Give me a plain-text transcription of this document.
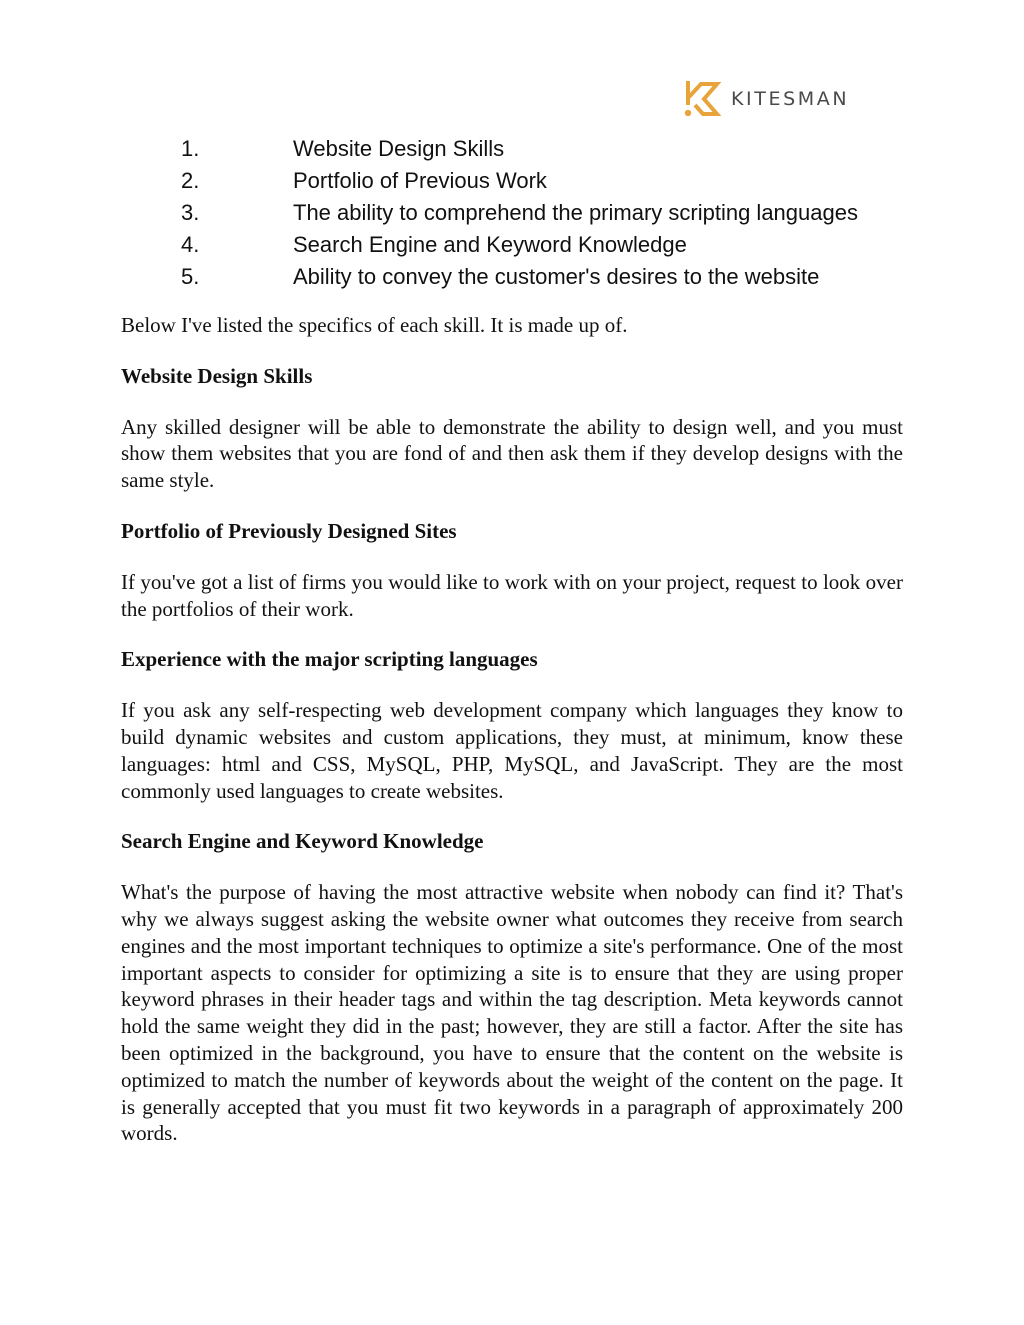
KITESMAN
1.	Website Design Skills
2.	Portfolio of Previous Work
3.	The ability to comprehend the primary scripting languages
4.	Search Engine and Keyword Knowledge
5.	Ability to convey the customer's desires to the website

Below I've listed the specifics of each skill. It is made up of.

Website Design Skills

Any skilled designer will be able to demonstrate the ability to design well, and you must show them websites that you are fond of and then ask them if they develop designs with the same style.

Portfolio of Previously Designed Sites

If you've got a list of firms you would like to work with on your project, request to look over the portfolios of their work.

Experience with the major scripting languages

If you ask any self-respecting web development company which languages they know to build dynamic websites and custom applications, they must, at minimum, know these languages: html and CSS, MySQL, PHP, MySQL, and JavaScript. They are the most commonly used languages to create websites.

Search Engine and Keyword Knowledge

What's the purpose of having the most attractive website when nobody can find it? That's why we always suggest asking the website owner what outcomes they receive from search engines and the most important techniques to optimize a site's performance. One of the most important aspects to consider for optimizing a site is to ensure that they are using proper keyword phrases in their header tags and within the tag description. Meta keywords cannot hold the same weight they did in the past; however, they are still a factor. After the site has been optimized in the background, you have to ensure that the content on the website is optimized to match the number of keywords about the weight of the content on the page. It is generally accepted that you must fit two keywords in a paragraph of approximately 200 words.
